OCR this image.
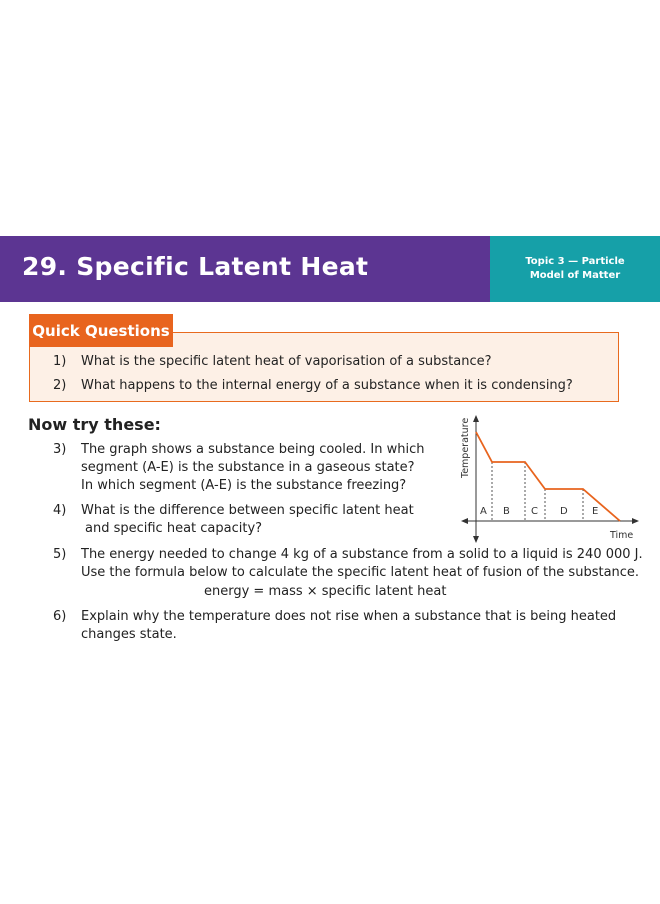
29. Specific Latent Heat	Topic 3 — Particle
Model of Matter
Quick Questions
1) What is the specific latent heat of vaporisation of a substance?
2) What happens to the internal energy of a substance when it is condensing?
Now try these:
3) The graph shows a substance being cooled. In which
segment (A-E) is the substance in a gaseous state?
In which segment (A-E) is the substance freezing?
4) What is the difference between specific latent heat
and specific heat capacity?
5) The energy needed to change 4 kg of a substance from a solid to a liquid is 240 000 J.
Use the formula below to calculate the specific latent heat of fusion of the substance.
energy = mass × specific latent heat
6) Explain why the temperature does not rise when a substance that is being heated
changes state.
Temperature
Time
A B C D E
